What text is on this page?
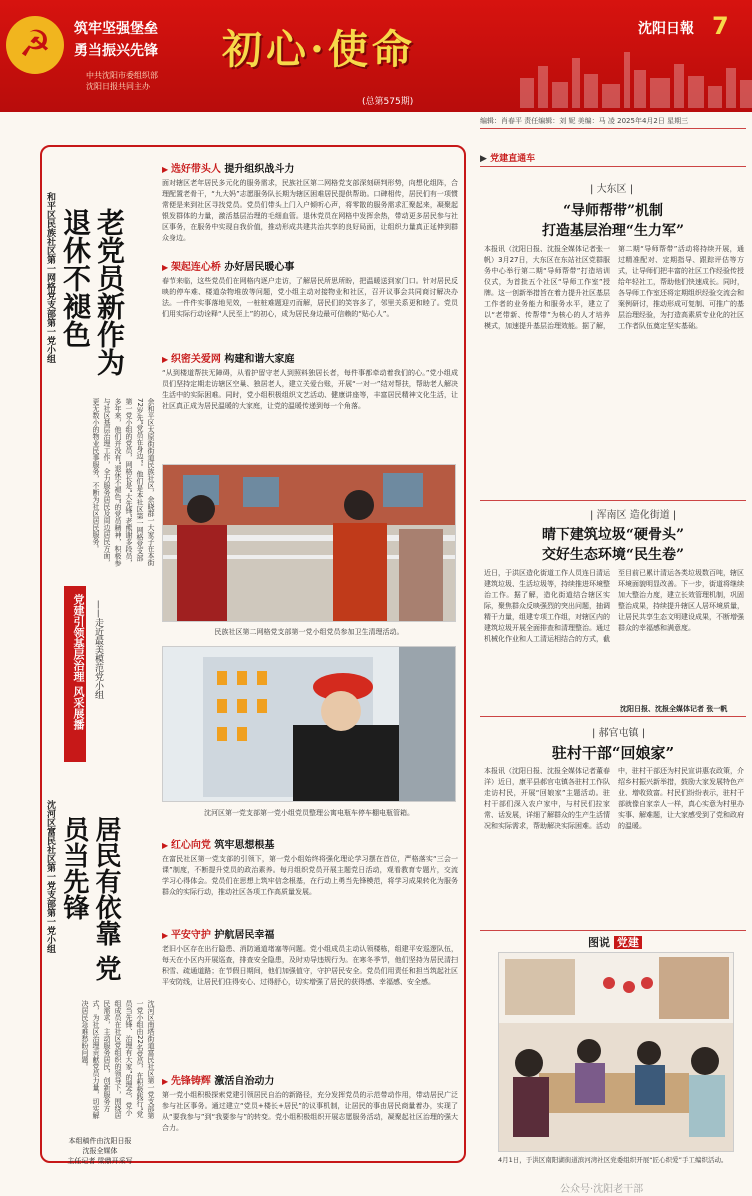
☭	筑牢坚强堡垒
勇当振兴先锋
中共沈阳市委组织部
沈阳日报共同主办
初心·使命
(总第575期)
沈阳日報 7
编辑：肖春平 责任编辑：刘 妮 美编：马 凌 2025年4月2日 星期三
和平区民族社区第一网格党支部第一党小组	老党员新作为 退休不褪色
余和平区太原街街道民族社区，余晓群一大家子在本街72岁先“党员在身边”。他们是本社区第一网格党支部第一党小组的党员，网格长是“大先锋”老熊谢多段员，多年来，他们并没有“退休不褪色”的党员精神，积极参与社区基层治理工作，全力服务居民及周边居民方面，更无数小的物业民事服务，不断为社区居民服务。
党建引领基层治理 风采展播 ——走近最美模范党小组
▶ 选好带头人 提升组织战斗力
面对辖区老年居民多元化的服务需求，民族社区第二网格党支部深刻研判形势，向想化组阵，合理配置老骨干，“九大妈”志愿服务队长期为辖区困难居民提供帮助。口碑相传，居民们有一项惯常便是来到社区寻找党员。党员们带头上门入户倾听心声，将零散的服务需求汇聚起来，凝聚起银发群体的力量，激活基层治理的毛细血管。退休党员在网格中发挥余热，带动更多居民参与社区事务，在服务中实现自我价值，推动形成共建共治共享的良好局面，让组织力量真正延伸到群众身边。
▶ 架起连心桥 办好居民暖心事
春节来临，这些党员们在网格内逐户走访，了解居民所思所盼，把温暖送到家门口。针对居民反映的停车难、楼道杂物堆放等问题，党小组主动对接物业和社区，召开议事会共同商讨解决办法。一件件实事落地见效，一桩桩难题迎刃而解，居民们的笑容多了，邻里关系更和睦了。党员们用实际行动诠释“人民至上”的初心，成为居民身边最可信赖的“贴心人”。
▶ 织密关爱网 构建和谐大家庭
“从到楼道帮扶无障碍，从看护留守老人到照料独居长者，每件事都牵动着我们的心。”党小组成员们坚持定期走访辖区空巢、独居老人，建立关爱台账，开展“一对一”结对帮扶，帮助老人解决生活中的实际困难。同时，党小组积极组织文艺活动、健康讲座等，丰富居民精神文化生活，让社区真正成为居民温暖的大家庭，让党的温暖传递到每一个角落。
民族社区第二网格党支部第一党小组党员参加卫生清理活动。
沈河区第一党支部第一党小组党员整理公寓电瓶车停车棚电瓶管箱。
沈河区富民社区第一党支部第一党小组	居民有依靠 党员当先锋
沈河区南塔街道富民社区第一党支部第一党小组由22名党员，在积极践行“党员当先锋、治理有大家”的理念，党小组成员在社区党组织的领导下，围绕居民需求，主动服务居民，创新服务方式，为社区治理贡献党员力量，切实解决居民急难愁盼问题。
▶ 红心向党 筑牢思想根基
在富民社区第一党支部的引领下，第一党小组始终将强化理论学习摆在首位，严格落实“三会一课”制度，不断提升党员的政治素养。每月组织党员开展主题党日活动，观看教育专题片，交流学习心得体会。党员们在思想上筑牢信念根基，在行动上勇当先锋模范，将学习成果转化为服务群众的实际行动，推动社区各项工作高质量发展。
▶ 平安守护 护航居民幸福
老旧小区存在出行隐患、消防通道堵塞等问题。党小组成员主动认领楼栋，组建平安巡逻队伍，每天在小区内开展巡查，排查安全隐患，及时劝导违规行为。在寒冬季节，他们坚持为居民清扫积雪、疏通道路；在节假日期间，他们加强值守，守护居民安全。党员们用责任和担当筑起社区平安防线，让居民们住得安心、过得舒心，切实增强了居民的获得感、幸福感、安全感。
▶ 先锋铸辉 激活自治动力
第一党小组积极探索党建引领居民自治的新路径，充分发挥党员的示范带动作用，带动居民广泛参与社区事务。通过建立“党员+楼长+居民”的议事机制，让居民的事由居民商量着办，实现了从“要我参与”到“我要参与”的转变。党小组积极组织开展志愿服务活动，凝聚起社区治理的强大合力。
本组稿件由沈阳日报
沈报全媒体
主任记者 梁鼎开采写
▶ 党建直通车
| 大东区 |
“导师帮带”机制
打造基层治理“生力军”
本报讯（沈阳日报、沈报全媒体记者张一帆）3月27日，大东区在东站社区党群服务中心举行第二期“导师帮带”打造培训仪式，为首批五个社区“导师工作室”授牌。这一创新举措旨在着力提升社区基层工作者的业务能力和服务水平，建立了以“老带新、传帮带”为核心的人才培养模式，加速提升基层治理效能。据了解，第二期“导师帮带”活动将持续开展，通过精准配对、定期指导、跟踪评估等方式，让导师们把丰富的社区工作经验传授给年轻社工，帮助他们快速成长。同时，各导师工作室还将定期组织经验交流会和案例研讨，推动形成可复制、可推广的基层治理经验，为打造高素质专业化的社区工作者队伍奠定坚实基础。
| 浑南区 造化街道 |
晴下建筑垃圾“硬骨头”
交好生态环境“民生卷”
近日，于洪区造化街道工作人员连日清运建筑垃圾、生活垃圾等，持续推进环境整治工作。据了解，造化街道结合辖区实际，聚焦群众反映强烈的突出问题，抽调精干力量，组建专项工作组，对辖区内的建筑垃圾开展全面排查和清理整治。通过机械化作业和人工清运相结合的方式，截至目前已累计清运各类垃圾数百吨，辖区环境面貌明显改善。下一步，街道将继续加大整治力度，建立长效管理机制，巩固整治成果，持续提升辖区人居环境质量，让居民共享生态文明建设成果，不断增强群众的幸福感和满意度。
沈阳日报、沈报全媒体记者 张一帆
| 郝官屯镇 |
驻村干部“回娘家”
本报讯（沈阳日报、沈报全媒体记者董春洋）近日，康平县郝官屯镇各驻村工作队走访村民，开展“回娘家”主题活动。驻村干部们深入农户家中，与村民们拉家常、话发展，详细了解群众的生产生活情况和实际需求，帮助解决实际困难。活动中，驻村干部还为村民宣讲惠农政策，介绍乡村振兴新举措，鼓励大家发展特色产业、增收致富。村民们纷纷表示，驻村干部就像自家亲人一样，真心实意为村里办实事、解难题，让大家感受到了党和政府的温暖。
图说 党建
4月1日，于洪区南阳湖街道滨河湾社区党委组织开展“匠心织爱”手工编织活动。
公众号·沈阳老干部
